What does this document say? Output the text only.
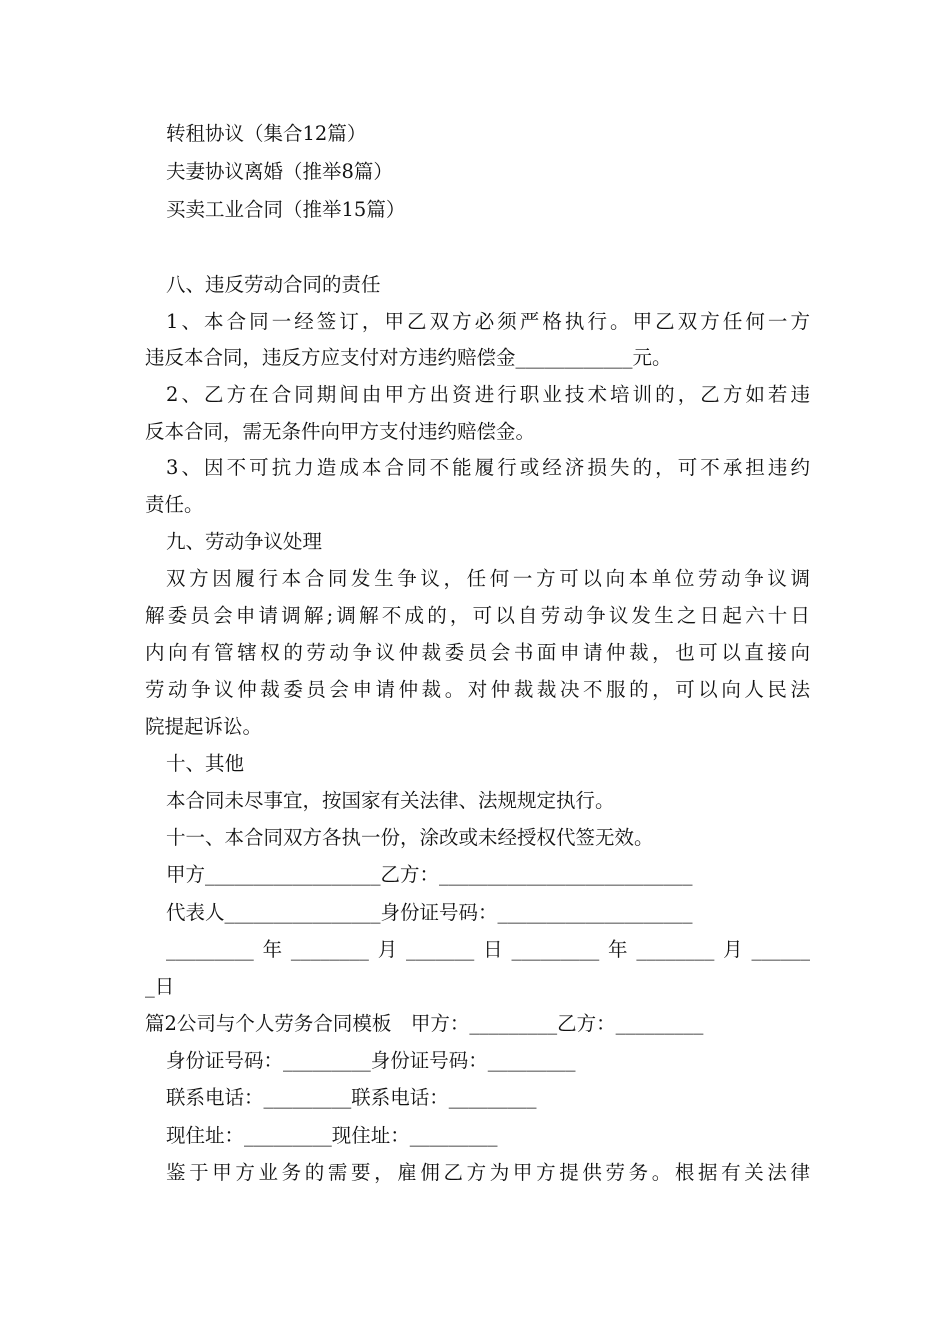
转租协议（集合12篇）
夫妻协议离婚（推举8篇）
买卖工业合同（推举15篇）
八、违反劳动合同的责任
1、本合同一经签订，甲乙双方必须严格执行。甲乙双方任何一方
违反本合同，违反方应支付对方违约赔偿金____________元。
2、乙方在合同期间由甲方出资进行职业技术培训的，乙方如若违
反本合同，需无条件向甲方支付违约赔偿金。
3、因不可抗力造成本合同不能履行或经济损失的，可不承担违约
责任。
九、劳动争议处理
双方因履行本合同发生争议，任何一方可以向本单位劳动争议调
解委员会申请调解;调解不成的，可以自劳动争议发生之日起六十日
内向有管辖权的劳动争议仲裁委员会书面申请仲裁，也可以直接向
劳动争议仲裁委员会申请仲裁。对仲裁裁决不服的，可以向人民法
院提起诉讼。
十、其他
本合同未尽事宜，按国家有关法律、法规规定执行。
十一、本合同双方各执一份，涂改或未经授权代签无效。
甲方__________________乙方：__________________________
代表人________________身份证号码：____________________
_________年________月_______日_________年________月______
_日
篇2公司与个人劳务合同模板　甲方：_________乙方：_________
身份证号码：_________身份证号码：_________
联系电话：_________联系电话：_________
现住址：_________现住址：_________
鉴于甲方业务的需要，雇佣乙方为甲方提供劳务。根据有关法律
